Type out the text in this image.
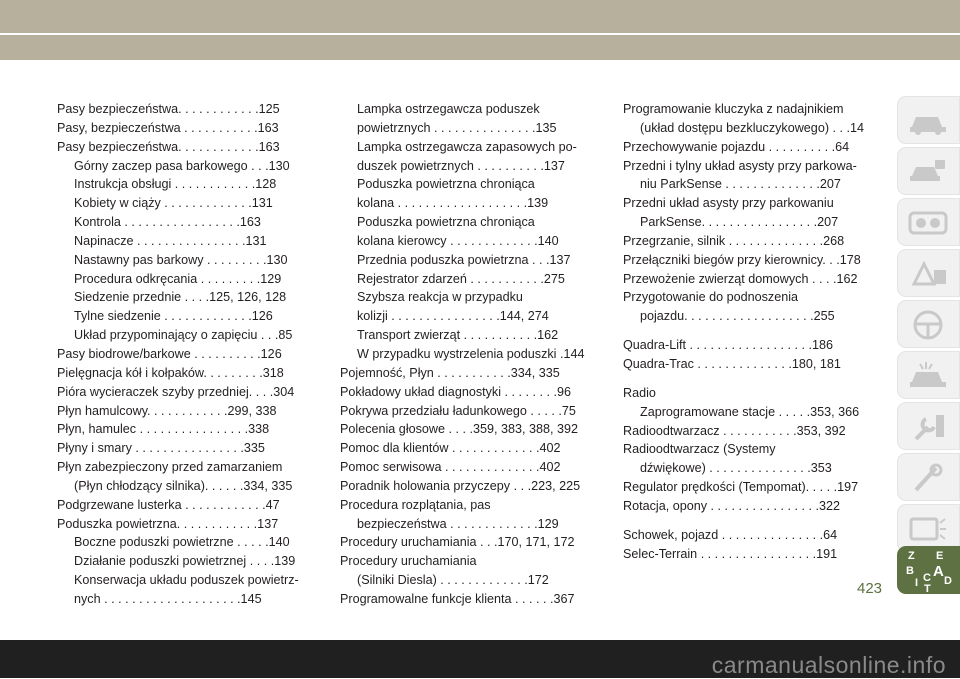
Pasy bezpieczeństwa. . . . . . . . . . . .125
Pasy, bezpieczeństwa . . . . . . . . . . .163
Pasy bezpieczeństwa. . . . . . . . . . . .163
Górny zaczep pasa barkowego . . .130
Instrukcja obsługi . . . . . . . . . . . .128
Kobiety w ciąży . . . . . . . . . . . . .131
Kontrola . . . . . . . . . . . . . . . . .163
Napinacze . . . . . . . . . . . . . . . .131
Nastawny pas barkowy . . . . . . . . .130
Procedura odkręcania . . . . . . . . .129
Siedzenie przednie . . . .125, 126, 128
Tylne siedzenie . . . . . . . . . . . . .126
Układ przypominający o zapięciu . . .85
Pasy biodrowe/barkowe . . . . . . . . . .126
Pielęgnacja kół i kołpaków. . . . . . . . .318
Pióra wycieraczek szyby przedniej. . . .304
Płyn hamulcowy. . . . . . . . . . . .299, 338
Płyn, hamulec . . . . . . . . . . . . . . . .338
Płyny i smary . . . . . . . . . . . . . . . .335
Płyn zabezpieczony przed zamarzaniem
(Płyn chłodzący silnika). . . . . .334, 335
Podgrzewane lusterka . . . . . . . . . . . .47
Poduszka powietrzna. . . . . . . . . . . .137
Boczne poduszki powietrzne . . . . .140
Działanie poduszki powietrznej . . . .139
Konserwacja układu poduszek powietrz-
nych . . . . . . . . . . . . . . . . . . . .145
Lampka ostrzegawcza poduszek
powietrznych . . . . . . . . . . . . . . .135
Lampka ostrzegawcza zapasowych po-
duszek powietrznych . . . . . . . . . .137
Poduszka powietrzna chroniąca
kolana . . . . . . . . . . . . . . . . . . .139
Poduszka powietrzna chroniąca
kolana kierowcy . . . . . . . . . . . . .140
Przednia poduszka powietrzna . . .137
Rejestrator zdarzeń . . . . . . . . . . .275
Szybsza reakcja w przypadku
kolizji . . . . . . . . . . . . . . . .144, 274
Transport zwierząt . . . . . . . . . . .162
W przypadku wystrzelenia poduszki .144
Pojemność, Płyn . . . . . . . . . . .334, 335
Pokładowy układ diagnostyki . . . . . . . .96
Pokrywa przedziału ładunkowego . . . . .75
Polecenia głosowe . . . .359, 383, 388, 392
Pomoc dla klientów . . . . . . . . . . . . .402
Pomoc serwisowa . . . . . . . . . . . . . .402
Poradnik holowania przyczepy . . .223, 225
Procedura rozplątania, pas
bezpieczeństwa . . . . . . . . . . . . .129
Procedury uruchamiania . . .170, 171, 172
Procedury uruchamiania
(Silniki Diesla) . . . . . . . . . . . . .172
Programowalne funkcje klienta . . . . . .367
Programowanie kluczyka z nadajnikiem
(układ dostępu bezkluczykowego) . . .14
Przechowywanie pojazdu . . . . . . . . . .64
Przedni i tylny układ asysty przy parkowa-
niu ParkSense . . . . . . . . . . . . . .207
Przedni układ asysty przy parkowaniu
ParkSense. . . . . . . . . . . . . . . . .207
Przegrzanie, silnik . . . . . . . . . . . . . .268
Przełączniki biegów przy kierownicy. . .178
Przewożenie zwierząt domowych . . . .162
Przygotowanie do podnoszenia
pojazdu. . . . . . . . . . . . . . . . . . .255
Quadra-Lift . . . . . . . . . . . . . . . . . .186
Quadra-Trac . . . . . . . . . . . . . .180, 181
Radio
Zaprogramowane stacje . . . . .353, 366
Radioodtwarzacz . . . . . . . . . . .353, 392
Radioodtwarzacz (Systemy
dźwiękowe) . . . . . . . . . . . . . . .353
Regulator prędkości (Tempomat). . . . .197
Rotacja, opony . . . . . . . . . . . . . . . .322
Schowek, pojazd . . . . . . . . . . . . . . .64
Selec-Terrain . . . . . . . . . . . . . . . . .191	Z E
B A
I C D
T
423
carmanualsonline.info
